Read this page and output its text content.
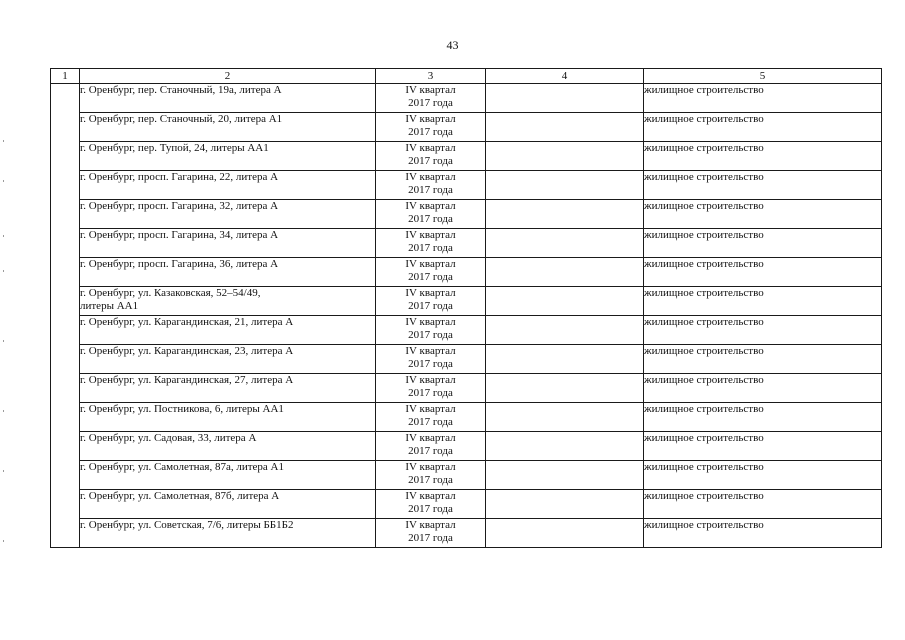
43
1	2	3	4	5

	г. Оренбург, пер. Станочный, 19а, литера А	IV квартал
2017 года		жилищное строительство

	г. Оренбург, пер. Станочный, 20, литера А1	IV квартал
2017 года		жилищное строительство

	г. Оренбург, пер. Тупой, 24, литеры АА1	IV квартал
2017 года		жилищное строительство

	г. Оренбург, просп. Гагарина, 22, литера А	IV квартал
2017 года		жилищное строительство

	г. Оренбург, просп. Гагарина, 32, литера А	IV квартал
2017 года		жилищное строительство

	г. Оренбург, просп. Гагарина, 34, литера А	IV квартал
2017 года		жилищное строительство

	г. Оренбург, просп. Гагарина, 36, литера А	IV квартал
2017 года		жилищное строительство

	г. Оренбург, ул. Казаковская, 52–54/49,
литеры АА1	IV квартал
2017 года		жилищное строительство

	г. Оренбург, ул. Карагандинская, 21, литера А	IV квартал
2017 года		жилищное строительство

	г. Оренбург, ул. Карагандинская, 23, литера А	IV квартал
2017 года		жилищное строительство

	г. Оренбург, ул. Карагандинская, 27, литера А	IV квартал
2017 года		жилищное строительство

	г. Оренбург, ул. Постникова, 6, литеры АА1	IV квартал
2017 года		жилищное строительство

	г. Оренбург, ул. Садовая, 33, литера А	IV квартал
2017 года		жилищное строительство

	г. Оренбург, ул. Самолетная, 87а, литера А1	IV квартал
2017 года		жилищное строительство

	г. Оренбург, ул. Самолетная, 87б, литера А	IV квартал
2017 года		жилищное строительство

	г. Оренбург, ул. Советская, 7/6, литеры ББ1Б2	IV квартал
2017 года		жилищное строительство
